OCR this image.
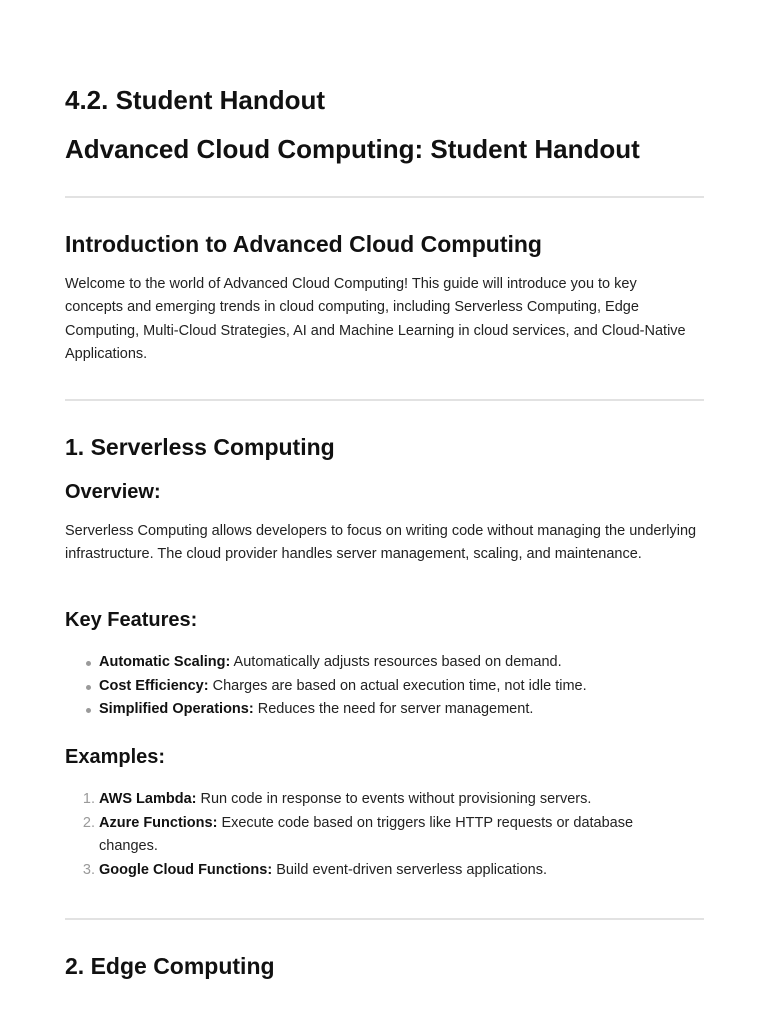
4.2. Student Handout
Advanced Cloud Computing: Student Handout
Introduction to Advanced Cloud Computing

Welcome to the world of Advanced Cloud Computing! This guide will introduce you to key concepts and emerging trends in cloud computing, including Serverless Computing, Edge Computing, Multi-Cloud Strategies, AI and Machine Learning in cloud services, and Cloud-Native Applications.

1. Serverless Computing
Overview:

Serverless Computing allows developers to focus on writing code without managing the underlying infrastructure. The cloud provider handles server management, scaling, and maintenance.

Key Features:
Automatic Scaling: Automatically adjusts resources based on demand.
Cost Efficiency: Charges are based on actual execution time, not idle time.
Simplified Operations: Reduces the need for server management.
Examples:
1. AWS Lambda: Run code in response to events without provisioning servers.
2. Azure Functions: Execute code based on triggers like HTTP requests or database changes.
3. Google Cloud Functions: Build event-driven serverless applications.
2. Edge Computing
